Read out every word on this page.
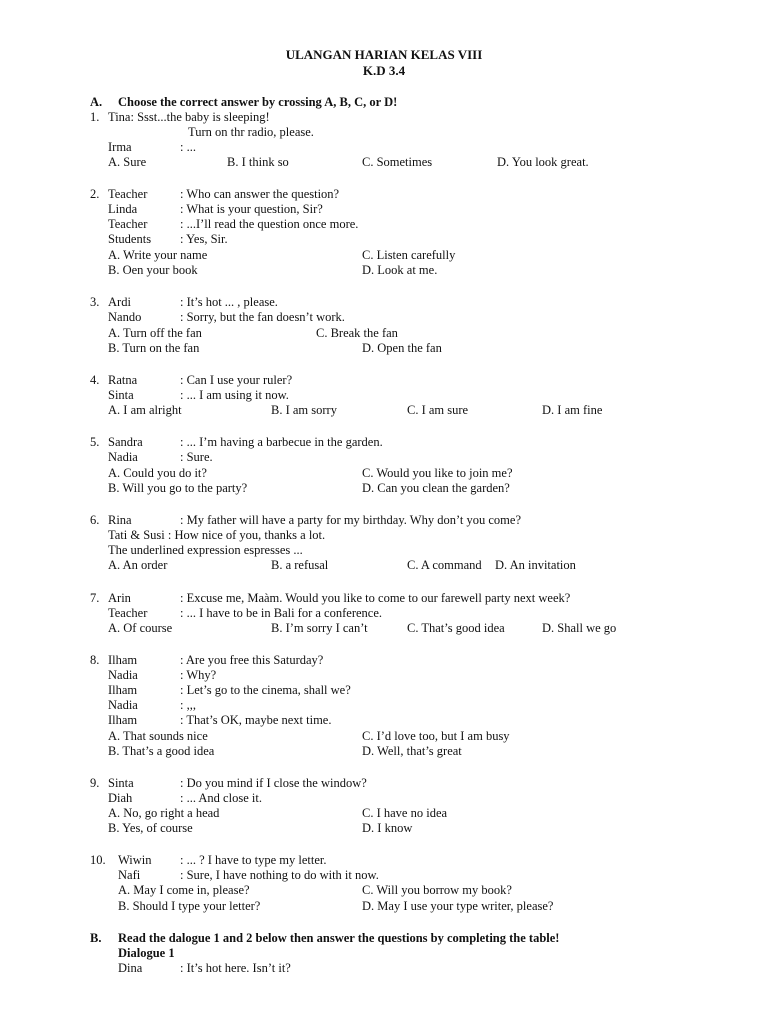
ULANGAN HARIAN KELAS VIII
K.D 3.4
A. Choose the correct answer by crossing A, B, C, or D!
1. Tina: Ssst...the baby is sleeping!
Turn on thr radio, please.
Irma	: ...
A. Sure	B. I think so	C. Sometimes	D. You look great.
2. Teacher	: Who can answer the question?
Linda	: What is your question, Sir?
Teacher	: ...I’ll read the question once more.
Students : Yes, Sir.
A. Write your name	C. Listen carefully
B. Oen your book	D. Look at me.
3. Ardi	: It’s hot ... , please.
Nando	: Sorry, but the fan doesn’t work.
A. Turn off the fan	C. Break the fan
B. Turn on the fan	D. Open the fan
4. Ratna	: Can I use your ruler?
Sinta	: ... I am using it now.
A. I am alright	B. I am sorry	C. I am sure	D. I am fine
5. Sandra	: ... I’m having a barbecue in the garden.
Nadia	: Sure.
A. Could you do it?	C. Would you like to join me?
B. Will you go to the party?	D. Can you clean the garden?
6. Rina	: My father will have a party for my birthday. Why don’t you come?
Tati & Susi : How nice of you, thanks a lot.
The underlined expression espresses ...
A. An order	B. a refusal	C. A command D. An invitation
7. Arin	: Excuse me, Maàm. Would you like to come to our farewell party next week?
Teacher	: ... I have to be in Bali for a conference.
A. Of course	B. I’m sorry I can’t	C. That’s good idea	D. Shall we go
8. Ilham	: Are you free this Saturday?
Nadia	: Why?
Ilham	: Let’s go to the cinema, shall we?
Nadia	: ,,,
Ilham	: That’s OK, maybe next time.
A. That sounds nice	C. I’d love too, but I am busy
B. That’s a good idea	D. Well, that’s great
9. Sinta	: Do you mind if I close the window?
Diah	: ... And close it.
A. No, go right a head	C. I have no idea
B. Yes, of course	D. I know
10. Wiwin : ... ? I have to type my letter.
Nafi	: Sure, I have nothing to do with it now.
A. May I come in, please?	C. Will you borrow my book?
B. Should I type your letter?	D. May I use your type writer, please?
B. Read the dalogue 1 and 2 below then answer the questions by completing the table!
Dialogue 1
Dina	: It’s hot here. Isn’t it?
